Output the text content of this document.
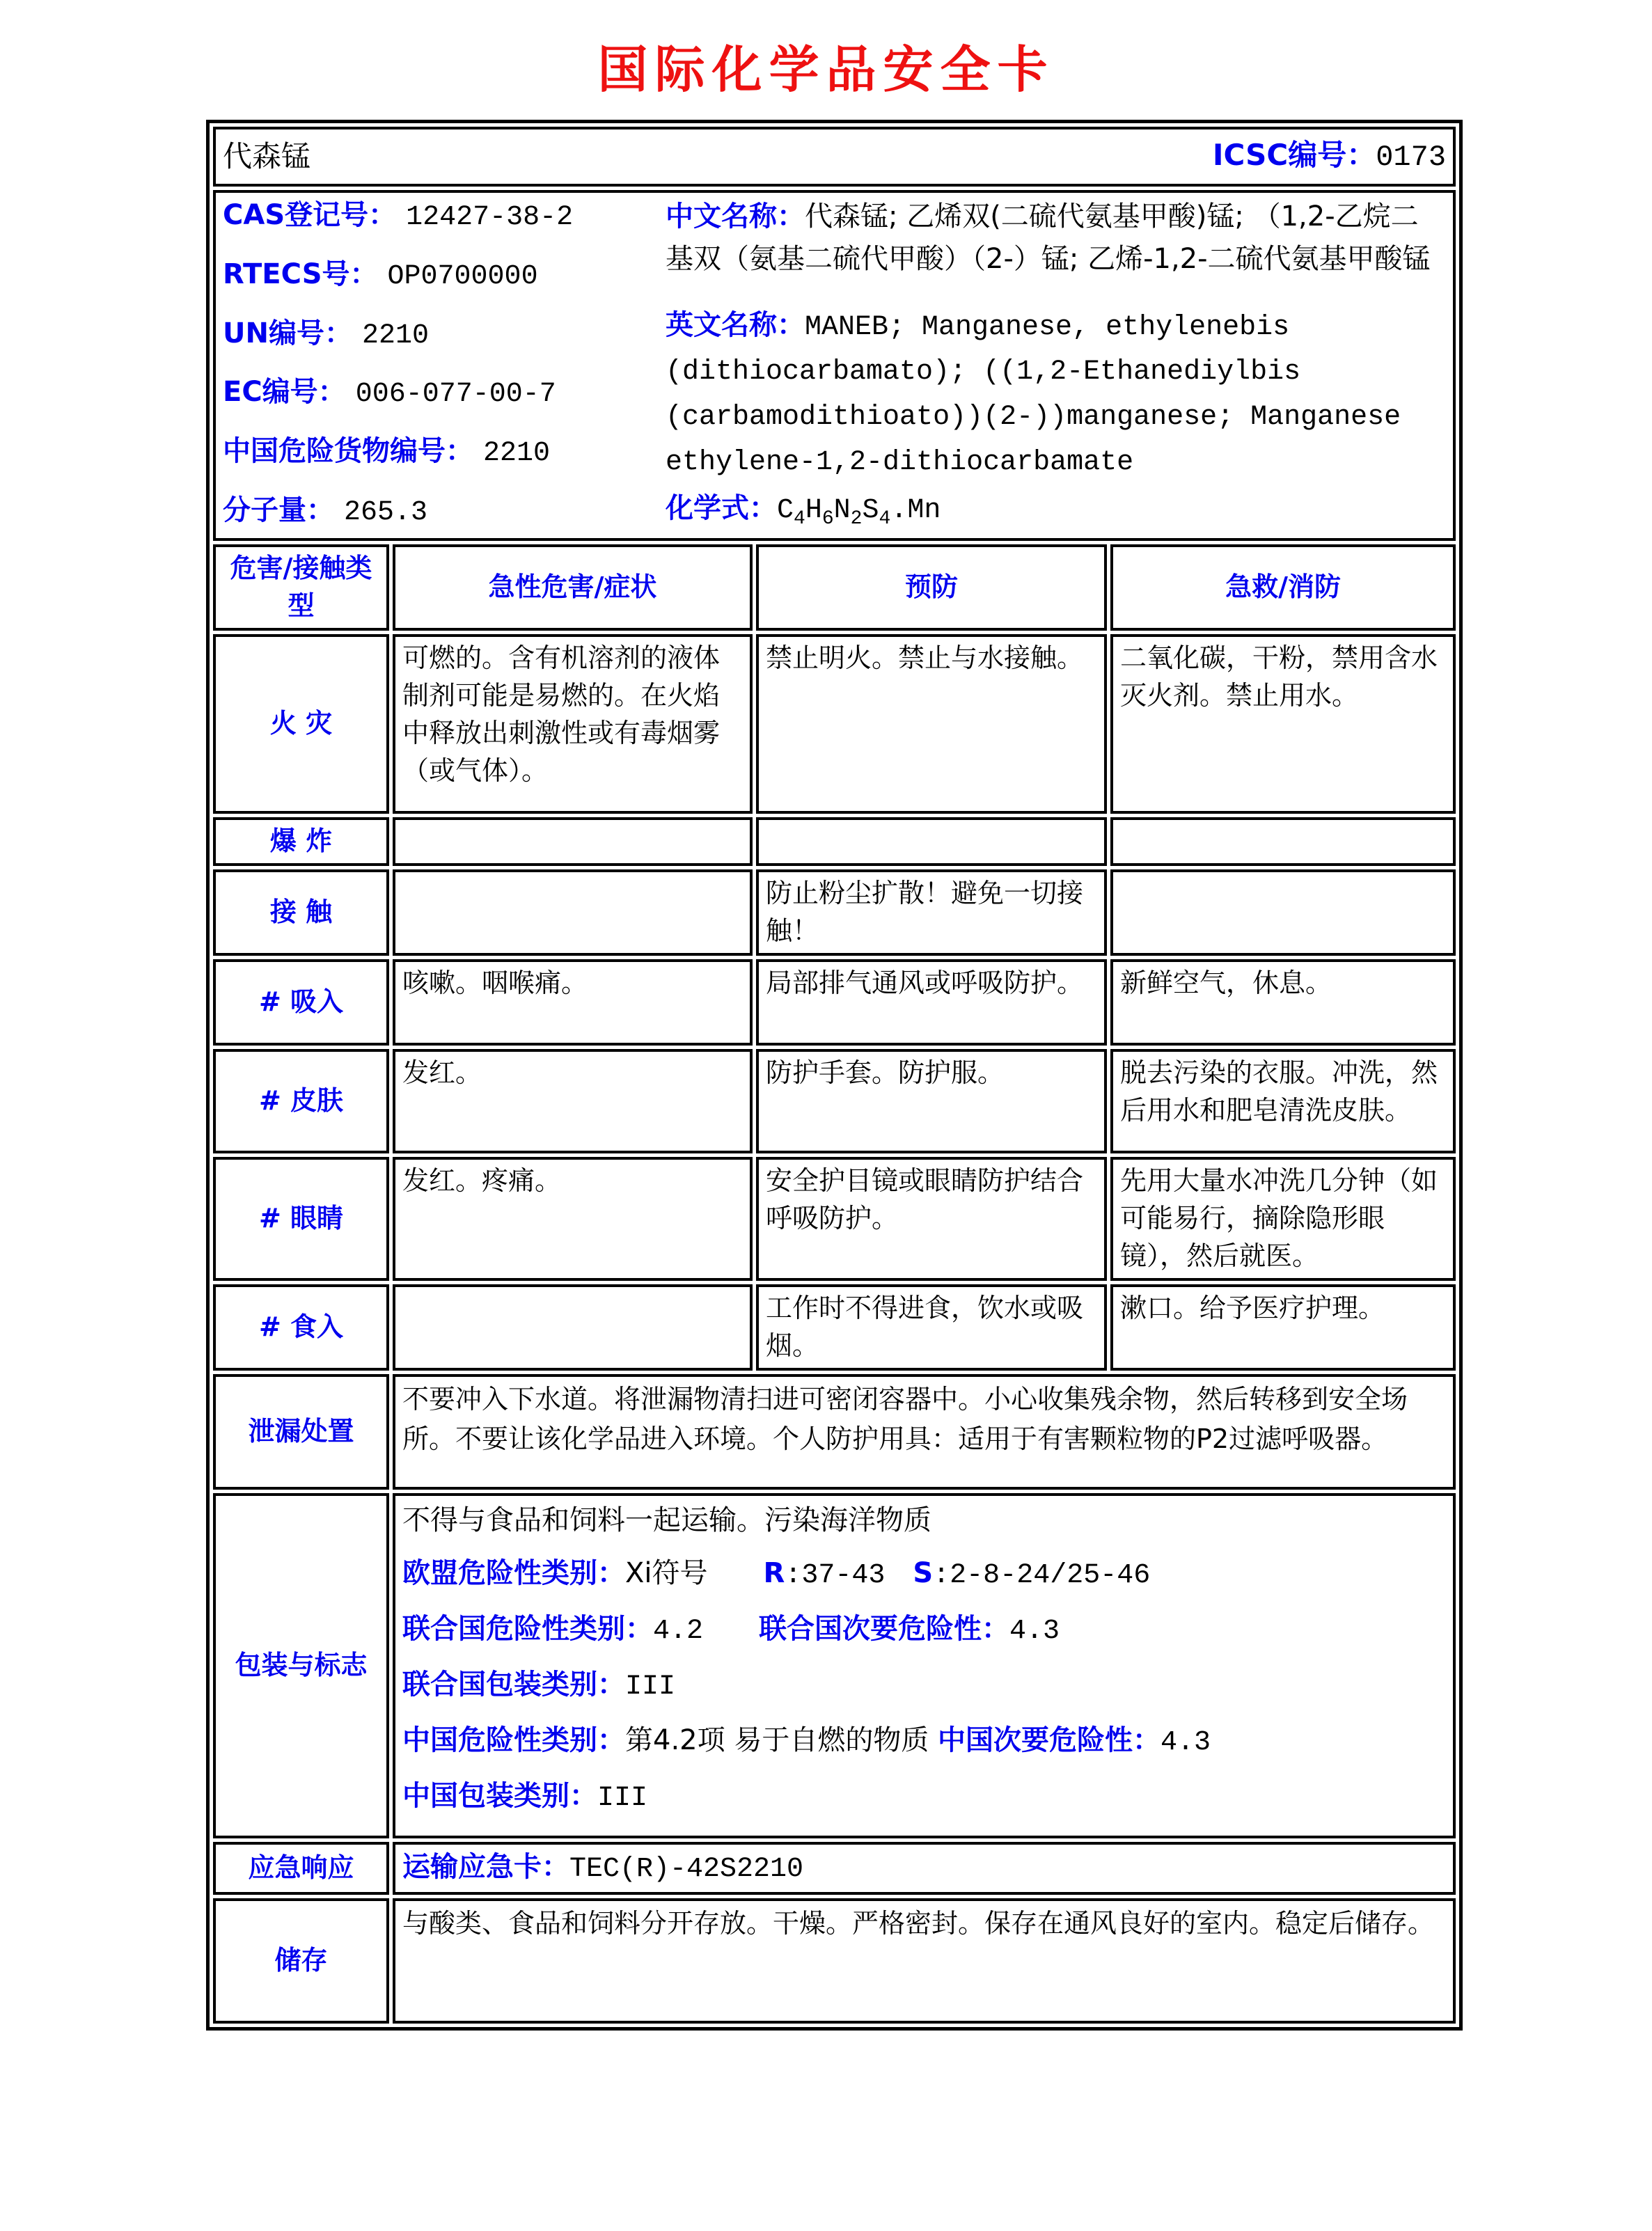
国际化学品安全卡
代森锰 ICSC编号：0173			

CAS登记号： 12427-38-2
RTECS号： OP0700000
UN编号： 2210
EC编号： 006-077-00-7
中国危险货物编号： 2210
分子量： 265.3
中文名称：代森锰; 乙烯双(二硫代氨基甲酸)锰; （1,2-乙烷二基双（氨基二硫代甲酸）（2-）锰; 乙烯-1,2-二硫代氨基甲酸锰
英文名称：MANEB; Manganese, ethylenebis (dithiocarbamato); ((1,2-Ethanediylbis (carbamodithioato))(2-))manganese; Manganese ethylene-1,2-dithiocarbamate
化学式：$C_4H_6N_2S_4.Mn$

危害/接触类型	急性危害/症状	预防	急救/消防
火 灾	可燃的。含有机溶剂的液体制剂可能是易燃的。在火焰中释放出刺激性或有毒烟雾（或气体）。	禁止明火。禁止与水接触。	二氧化碳，干粉，禁用含水灭火剂。禁止用水。
爆 炸			
接 触		防止粉尘扩散！避免一切接触！	
# 吸入	咳嗽。咽喉痛。	局部排气通风或呼吸防护。	新鲜空气，休息。
# 皮肤	发红。	防护手套。防护服。	脱去污染的衣服。冲洗，然后用水和肥皂清洗皮肤。
# 眼睛	发红。疼痛。	安全护目镜或眼睛防护结合呼吸防护。	先用大量水冲洗几分钟（如可能易行，摘除隐形眼镜），然后就医。
# 食入		工作时不得进食，饮水或吸烟。	漱口。给予医疗护理。
泄漏处置	不要冲入下水道。将泄漏物清扫进可密闭容器中。小心收集残余物，然后转移到安全场所。不要让该化学品进入环境。个人防护用具：适用于有害颗粒物的P2过滤呼吸器。		

包装与标志	
不得与食品和饲料一起运输。污染海洋物质
欧盟危险性类别：Xi符号　　R:37-43　S:2-8-24/25-46
联合国危险性类别：4.2　　联合国次要危险性：4.3
联合国包装类别：III
中国危险性类别：第4.2项 易于自燃的物质 中国次要危险性：4.3
中国包装类别：III

应急响应	运输应急卡：TEC(R)-42S2210		

储存	与酸类、食品和饲料分开存放。干燥。严格密封。保存在通风良好的室内。稳定后储存。		
